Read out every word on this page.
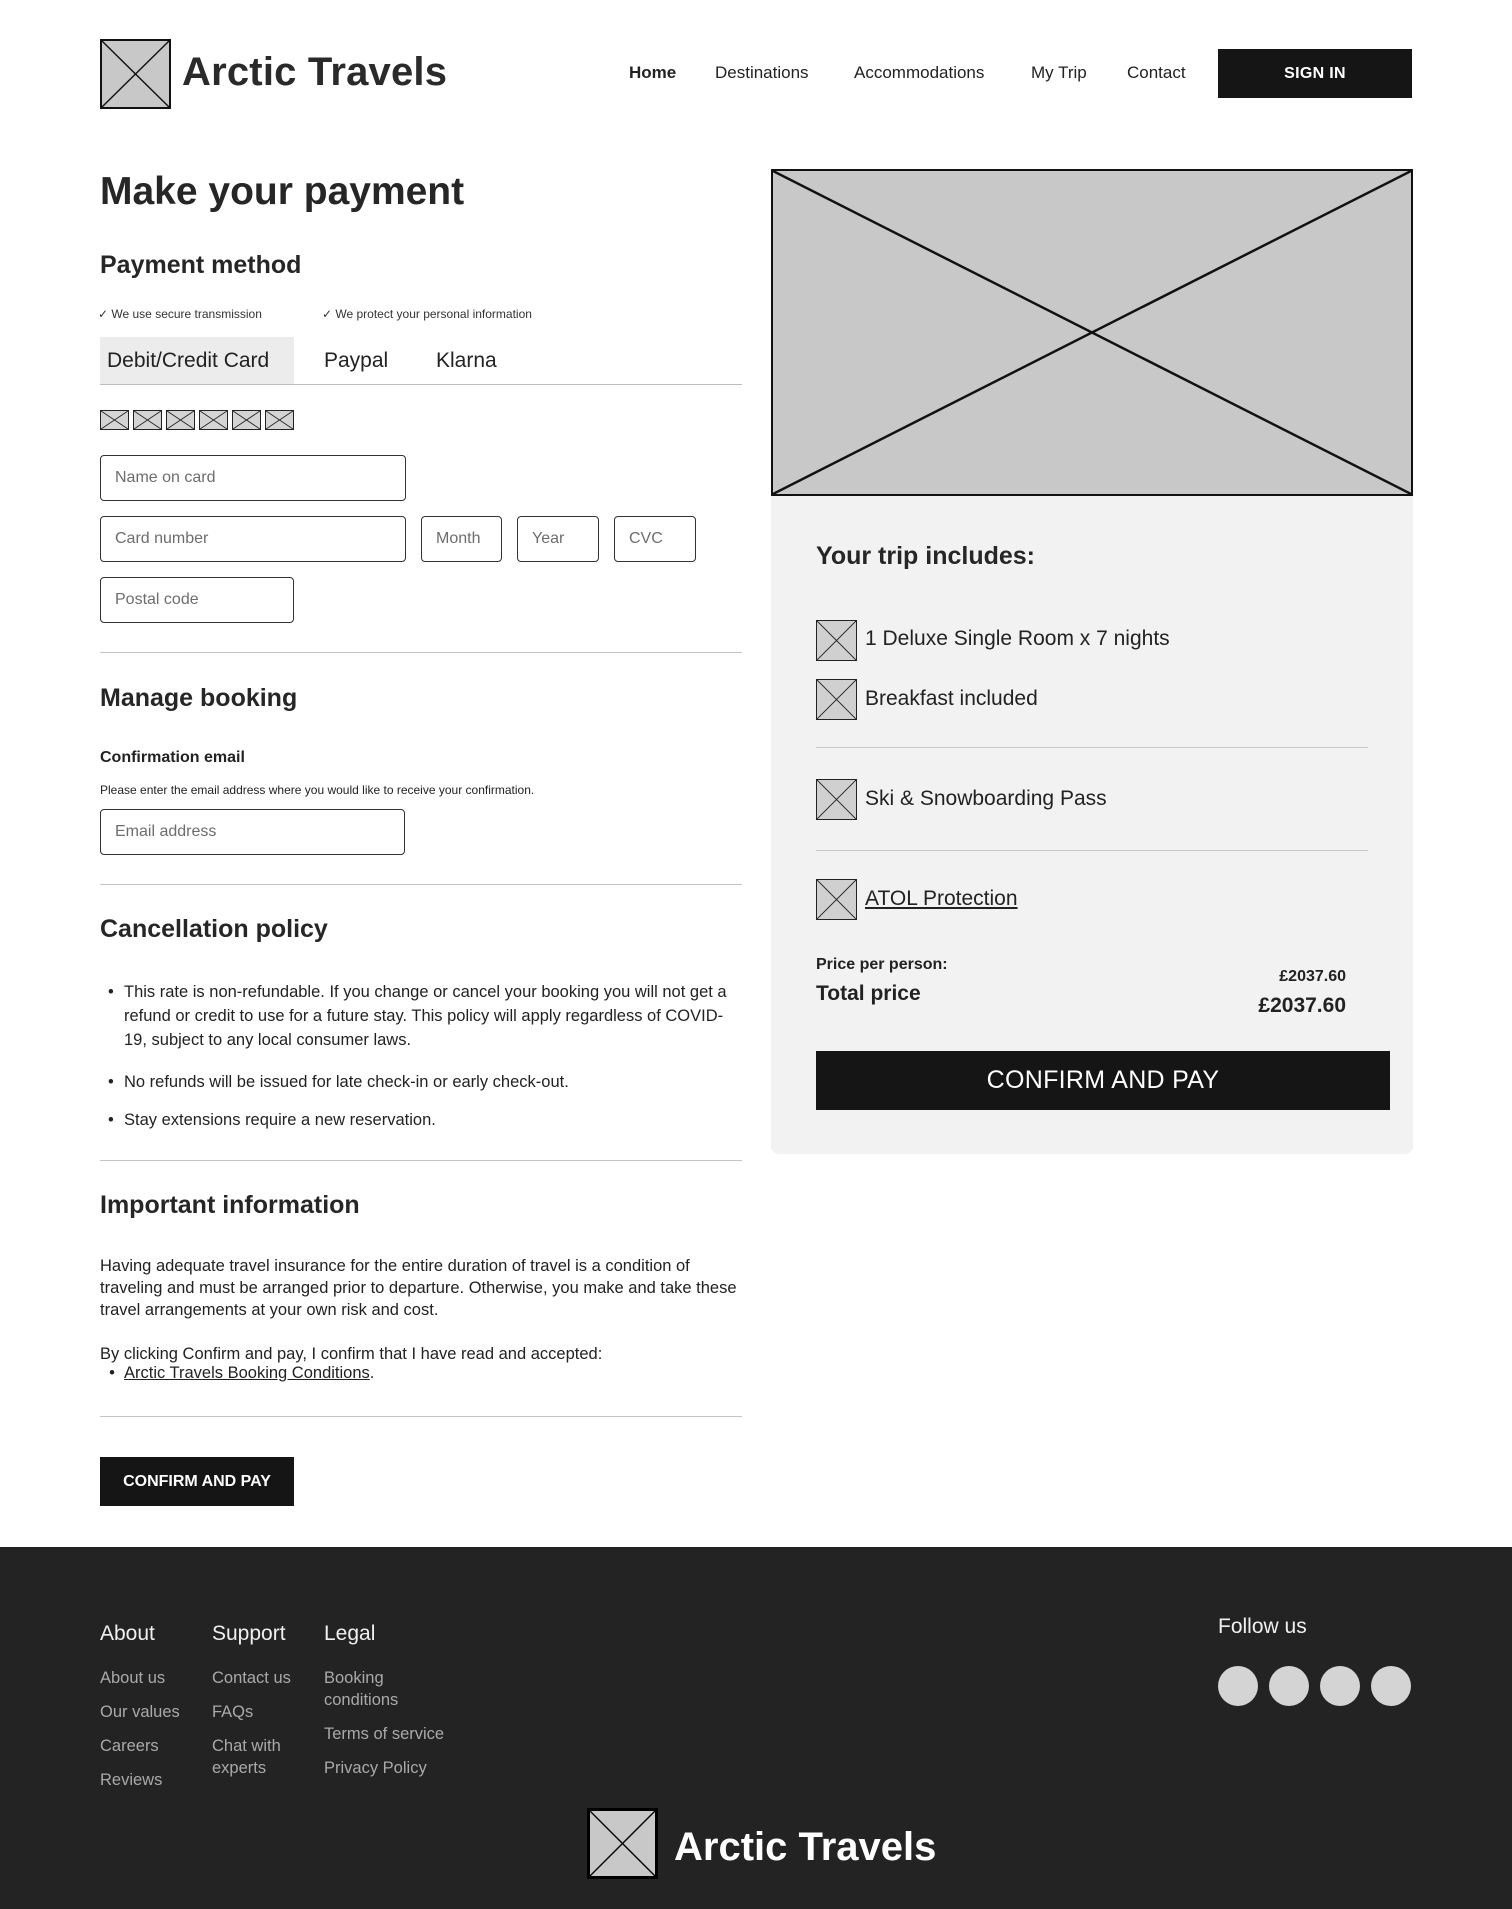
Arctic Travels	Home Destinations	Accommodations	My Trip Contact	SIGN IN
Make your payment
Payment method
✓ We use secure transmission	✓ We protect your personal information
Debit/Credit Card	Paypal Klarna
Name on card
Card number
Month
Year
CVC
Postal code
Manage booking
Confirmation email
Please enter the email address where you would like to receive your confirmation.
Email address
Cancellation policy
• This rate is non-refundable. If you change or cancel your booking you will not get a refund or credit to use for a future stay. This policy will apply regardless of COVID-19, subject to any local consumer laws.
• No refunds will be issued for late check-in or early check-out.
• Stay extensions require a new reservation.
Important information

Having adequate travel insurance for the entire duration of travel is a condition of traveling and must be arranged prior to departure. Otherwise, you make and take these travel arrangements at your own risk and cost.

By clicking Confirm and pay, I confirm that I have read and accepted:

• Arctic Travels Booking Conditions.
CONFIRM AND PAY
Your trip includes:
1 Deluxe Single Room x 7 nights
Breakfast included
Ski & Snowboarding Pass
ATOL Protection
Price per person:
£2037.60
Total price
£2037.60
CONFIRM AND PAY
About
About us
Our values
Careers
Reviews
Support
Contact us
FAQs
Chat with experts
Legal
Booking conditions
Terms of service
Privacy Policy
Follow us
Arctic Travels
